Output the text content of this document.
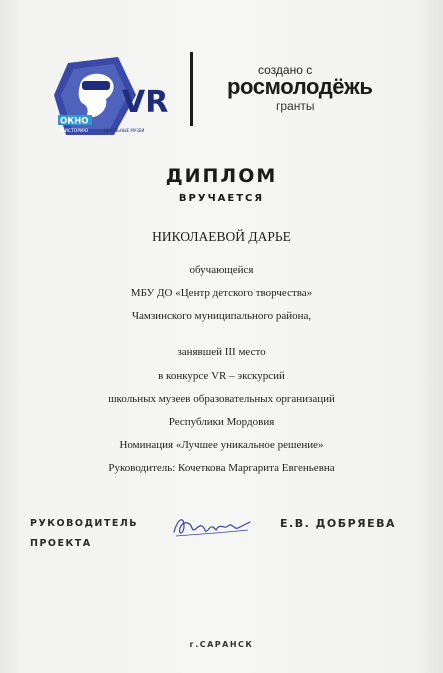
VR
ОКНО
В ИСТОРИЮ	ШКОЛЬНЫЕ МУЗЕИ
создано с
росмолодёжь
гранты
ДИПЛОМ
ВРУЧАЕТСЯ
НИКОЛАЕВОЙ ДАРЬЕ
обучающейся
МБУ ДО «Центр детского творчества»
Чамзинского муниципального района,
занявшей III место
в конкурсе VR – экскурсий
школьных музеев образовательных организаций
Республики Мордовия
Номинация «Лучшее уникальное решение»
Руководитель: Кочеткова Маргарита Евгеньевна
РУКОВОДИТЕЛЬ
ПРОЕКТА
Е.В. ДОБРЯЕВА
г.САРАНСК
